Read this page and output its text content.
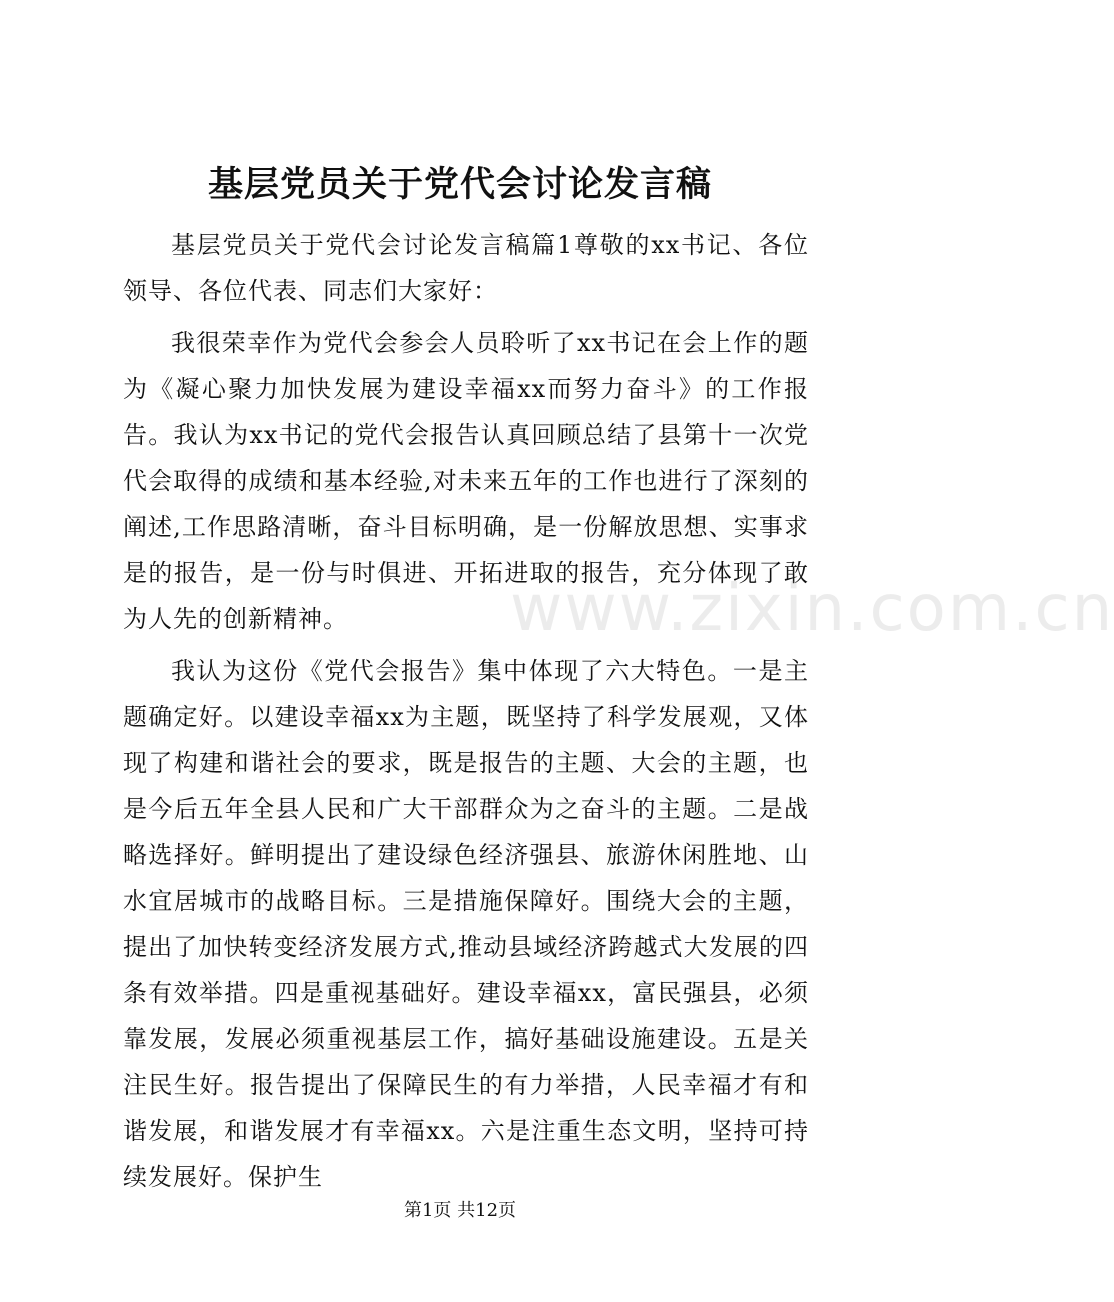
基层党员关于党代会讨论发言稿

基层党员关于党代会讨论发言稿篇1尊敬的xx书记、各位领导、各位代表、同志们大家好：

我很荣幸作为党代会参会人员聆听了xx书记在会上作的题为《凝心聚力加快发展为建设幸福xx而努力奋斗》的工作报告。我认为xx书记的党代会报告认真回顾总结了县第十一次党代会取得的成绩和基本经验,对未来五年的工作也进行了深刻的阐述,工作思路清晰，奋斗目标明确，是一份解放思想、实事求是的报告，是一份与时俱进、开拓进取的报告，充分体现了敢为人先的创新精神。

我认为这份《党代会报告》集中体现了六大特色。一是主题确定好。以建设幸福xx为主题，既坚持了科学发展观，又体现了构建和谐社会的要求，既是报告的主题、大会的主题，也是今后五年全县人民和广大干部群众为之奋斗的主题。二是战略选择好。鲜明提出了建设绿色经济强县、旅游休闲胜地、山水宜居城市的战略目标。三是措施保障好。围绕大会的主题，提出了加快转变经济发展方式,推动县域经济跨越式大发展的四条有效举措。四是重视基础好。建设幸福xx，富民强县，必须靠发展，发展必须重视基层工作，搞好基础设施建设。五是关注民生好。报告提出了保障民生的有力举措，人民幸福才有和谐发展，和谐发展才有幸福xx。六是注重生态文明，坚持可持续发展好。保护生

www.zixin.com.cn
第1页 共12页
